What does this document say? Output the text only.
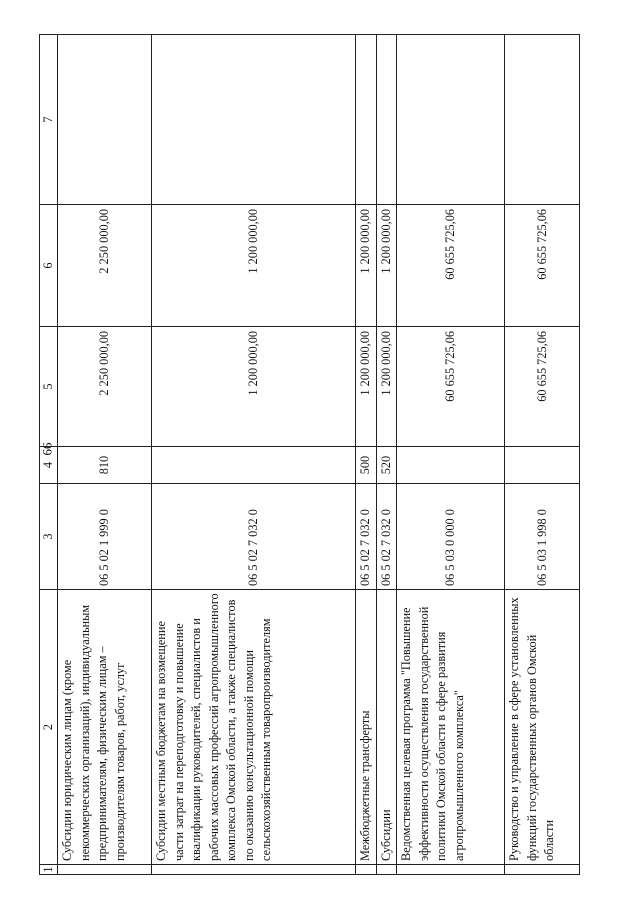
99
1	2	3	4	5	6	7
	Субсидии юридическим лицам (кроме некоммерческих организаций), индивидуальным предпринимателям, физическим лицам – производителям товаров, работ, услуг	06 5 02 1 999 0	810	2 250 000,00	2 250 000,00	
	Субсидии местным бюджетам на возмещение части затрат на переподготовку и повышение квалификации руководителей, специалистов и рабочих массовых профессий агропромышленного комплекса Омской области, а также специалистов по оказанию консультационной помощи сельскохозяйственным товаропроизводителям	06 5 02 7 032 0		1 200 000,00	1 200 000,00	
	Межбюджетные трансферты	06 5 02 7 032 0	500	1 200 000,00	1 200 000,00	
	Субсидии	06 5 02 7 032 0	520	1 200 000,00	1 200 000,00	
	Ведомственная целевая программа "Повышение эффективности осуществления государственной политики Омской области в сфере развития агропромышленного комплекса"	06 5 03 0 000 0		60 655 725,06	60 655 725,06	
	Руководство и управление в сфере установленных функций государственных органов Омской области	06 5 03 1 998 0		60 655 725,06	60 655 725,06	
